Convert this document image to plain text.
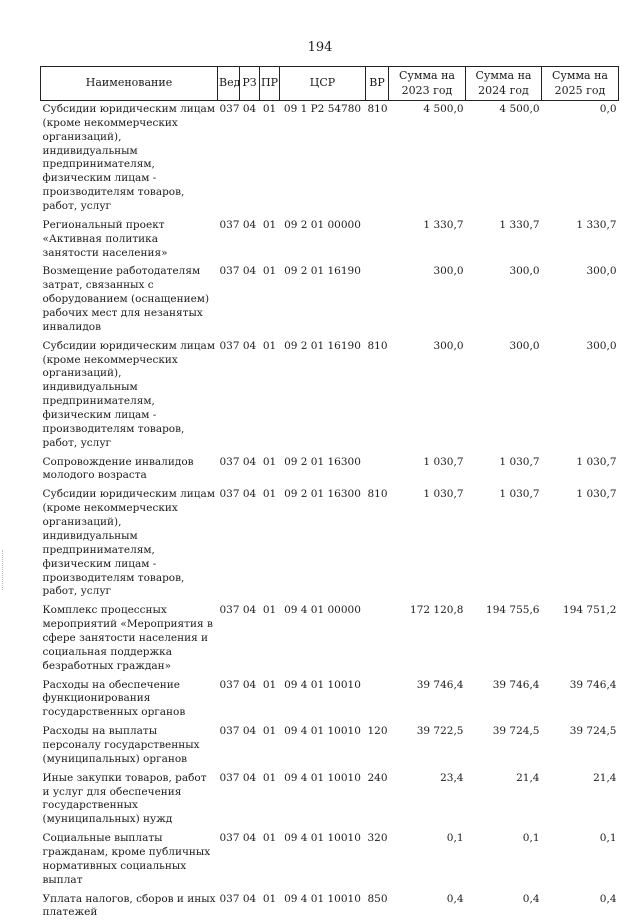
194
Наименование	Вед	РЗ	ПР	ЦСР	ВР	Сумма на 2023 год	Сумма на 2024 год	Сумма на 2025 год
Субсидии юридическим лицам (кроме некоммерческих организаций), индивидуальным предпринимателям, физическим лицам - производителям товаров, работ, услуг	037	04	01	09 1 P2 54780	810	4 500,0	4 500,0	0,0
Региональный проект «Активная политика занятости населения»	037	04	01	09 2 01 00000		1 330,7	1 330,7	1 330,7
Возмещение работодателям затрат, связанных с оборудованием (оснащением) рабочих мест для незанятых инвалидов	037	04	01	09 2 01 16190		300,0	300,0	300,0
Субсидии юридическим лицам (кроме некоммерческих организаций), индивидуальным предпринимателям, физическим лицам - производителям товаров, работ, услуг	037	04	01	09 2 01 16190	810	300,0	300,0	300,0
Сопровождение инвалидов молодого возраста	037	04	01	09 2 01 16300		1 030,7	1 030,7	1 030,7
Субсидии юридическим лицам (кроме некоммерческих организаций), индивидуальным предпринимателям, физическим лицам - производителям товаров, работ, услуг	037	04	01	09 2 01 16300	810	1 030,7	1 030,7	1 030,7
Комплекс процессных мероприятий «Мероприятия в сфере занятости населения и социальная поддержка безработных граждан»	037	04	01	09 4 01 00000		172 120,8	194 755,6	194 751,2
Расходы на обеспечение функционирования государственных органов	037	04	01	09 4 01 10010		39 746,4	39 746,4	39 746,4
Расходы на выплаты персоналу государственных (муниципальных) органов	037	04	01	09 4 01 10010	120	39 722,5	39 724,5	39 724,5
Иные закупки товаров, работ и услуг для обеспечения государственных (муниципальных) нужд	037	04	01	09 4 01 10010	240	23,4	21,4	21,4
Социальные выплаты гражданам, кроме публичных нормативных социальных выплат	037	04	01	09 4 01 10010	320	0,1	0,1	0,1
Уплата налогов, сборов и иных платежей	037	04	01	09 4 01 10010	850	0,4	0,4	0,4
